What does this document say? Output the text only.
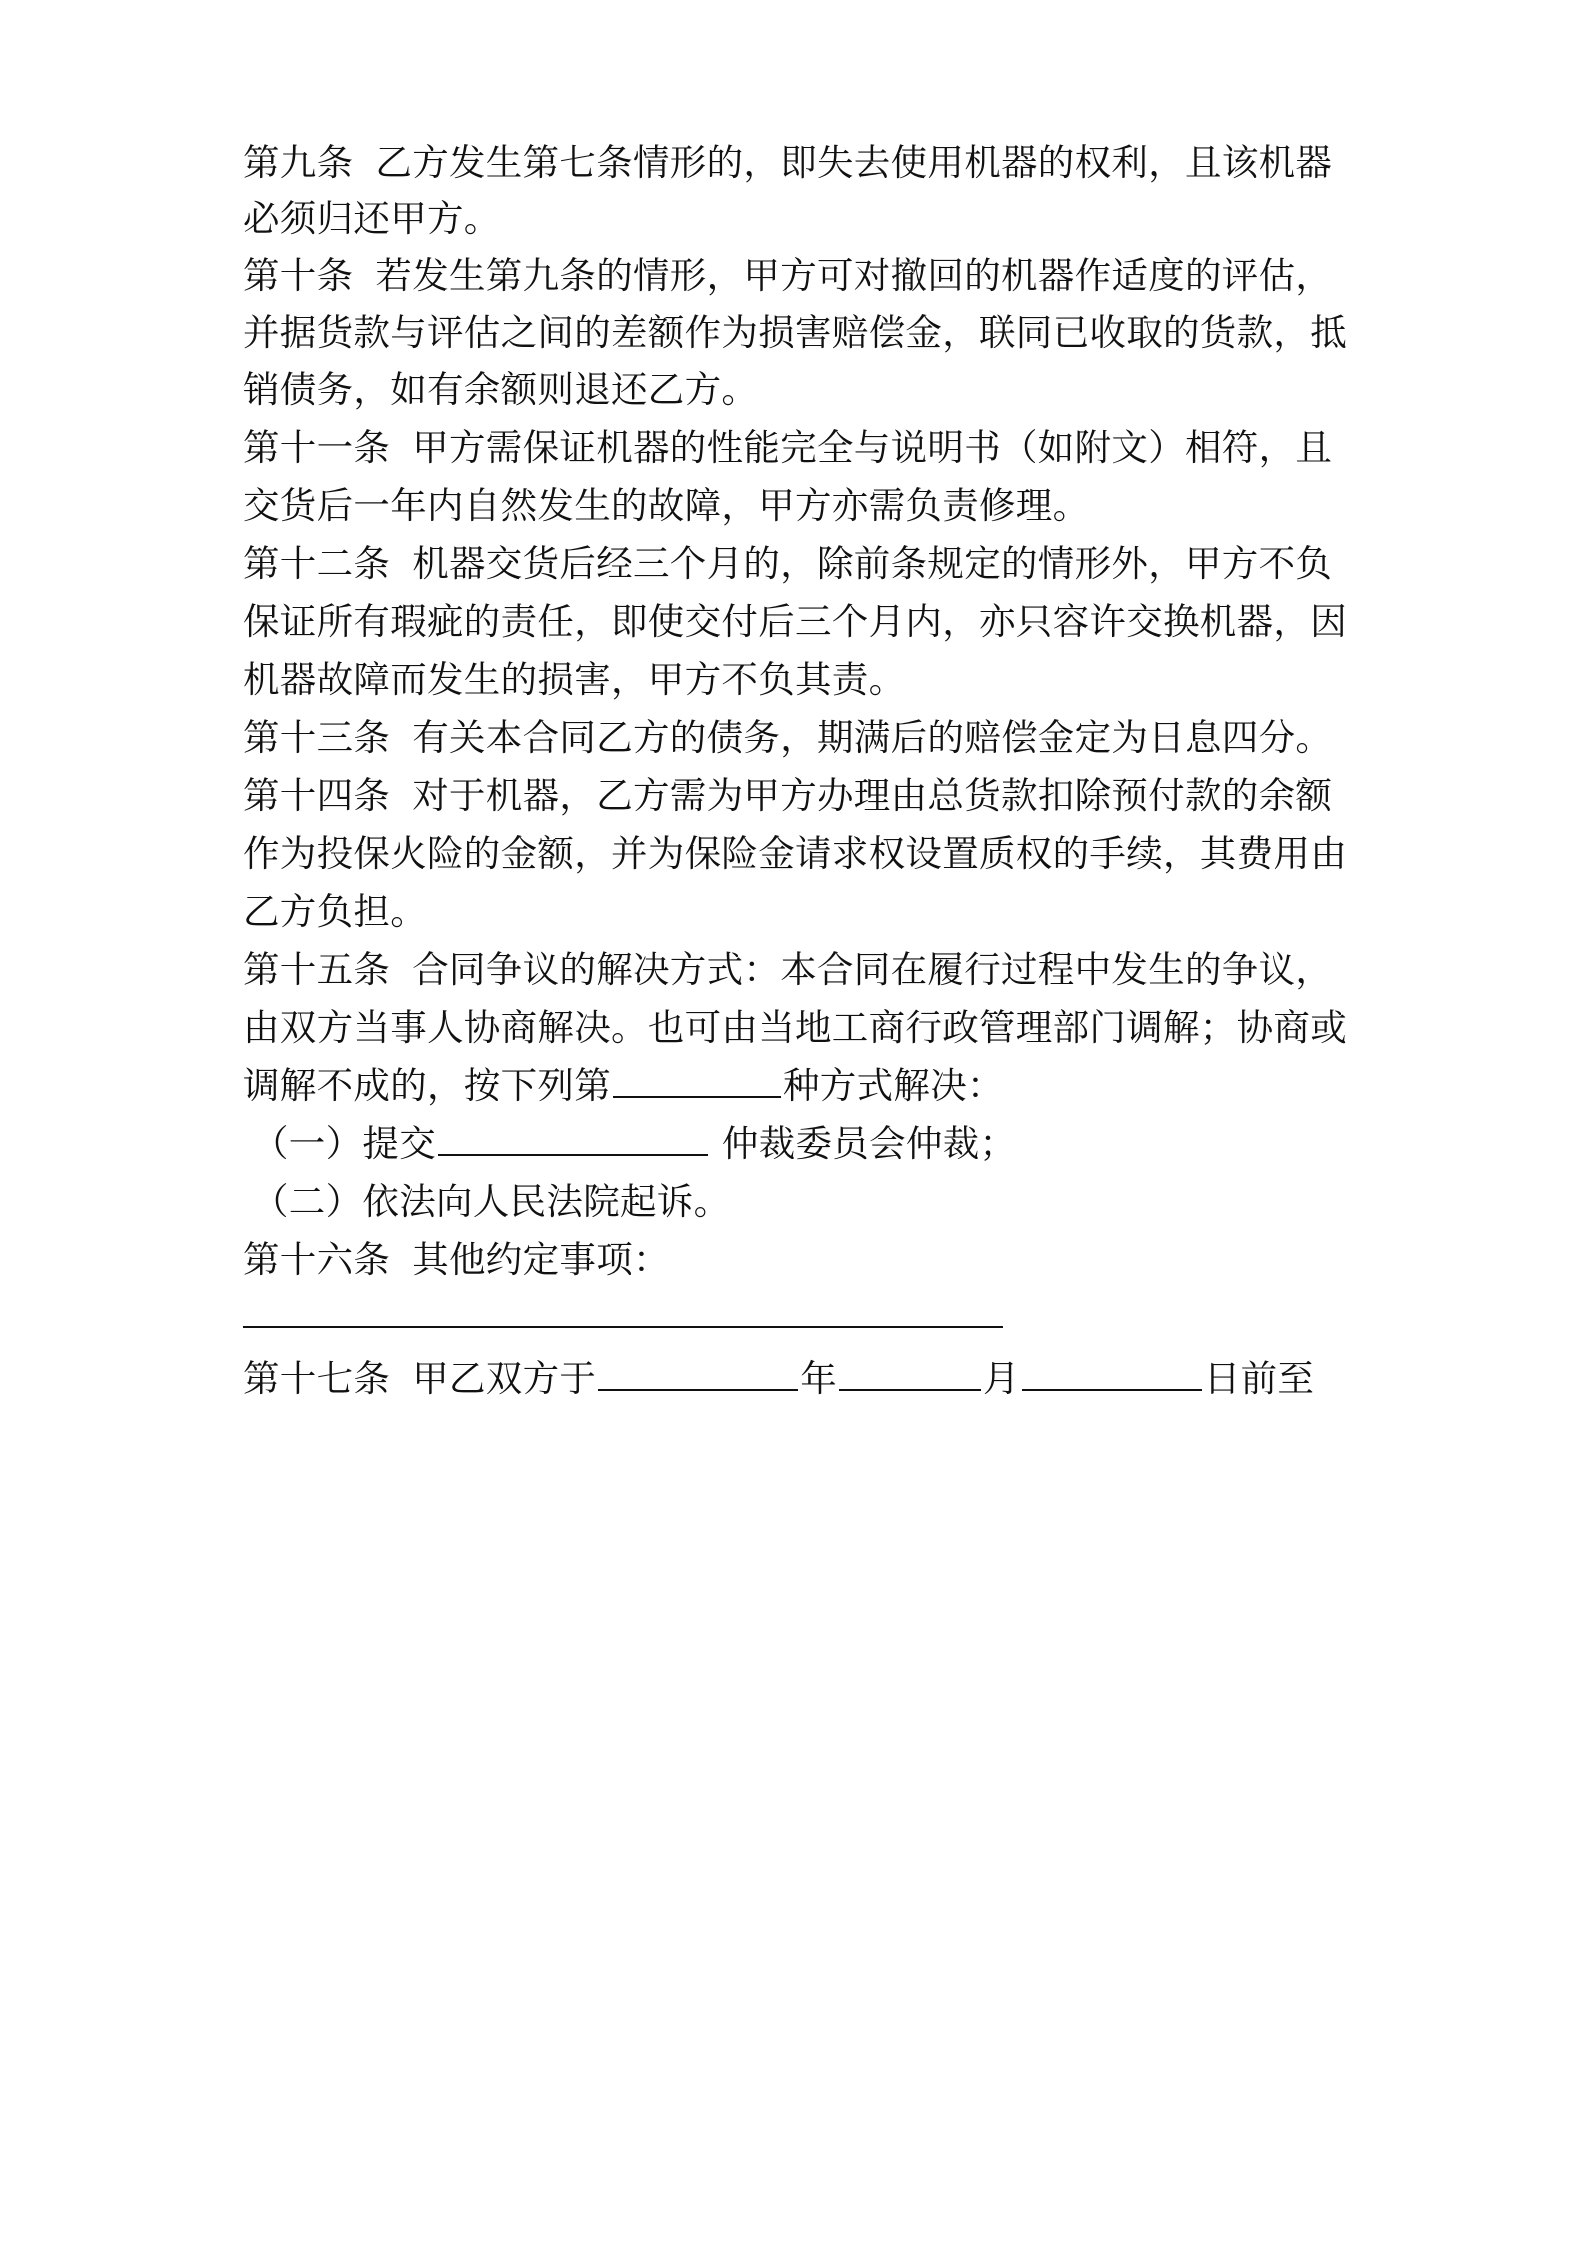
第九条 乙方发生第七条情形的，即失去使用机器的权利，且该机器
必须归还甲方。
第十条 若发生第九条的情形，甲方可对撤回的机器作适度的评估，
并据货款与评估之间的差额作为损害赔偿金，联同已收取的货款，抵
销债务，如有余额则退还乙方。
第十一条 甲方需保证机器的性能完全与说明书（如附文）相符，且
交货后一年内自然发生的故障，甲方亦需负责修理。
第十二条 机器交货后经三个月的，除前条规定的情形外，甲方不负
保证所有瑕疵的责任，即使交付后三个月内，亦只容许交换机器，因
机器故障而发生的损害，甲方不负其责。
第十三条 有关本合同乙方的债务，期满后的赔偿金定为日息四分。
第十四条 对于机器，乙方需为甲方办理由总货款扣除预付款的余额
作为投保火险的金额，并为保险金请求权设置质权的手续，其费用由
乙方负担。
第十五条 合同争议的解决方式：本合同在履行过程中发生的争议，
由双方当事人协商解决。也可由当地工商行政管理部门调解；协商或
调解不成的，按下列第	种方式解决：
（一）提交	仲裁委员会仲裁；
（二）依法向人民法院起诉。
第十六条 其他约定事项：
第十七条 甲乙双方于	年	月	日前至
